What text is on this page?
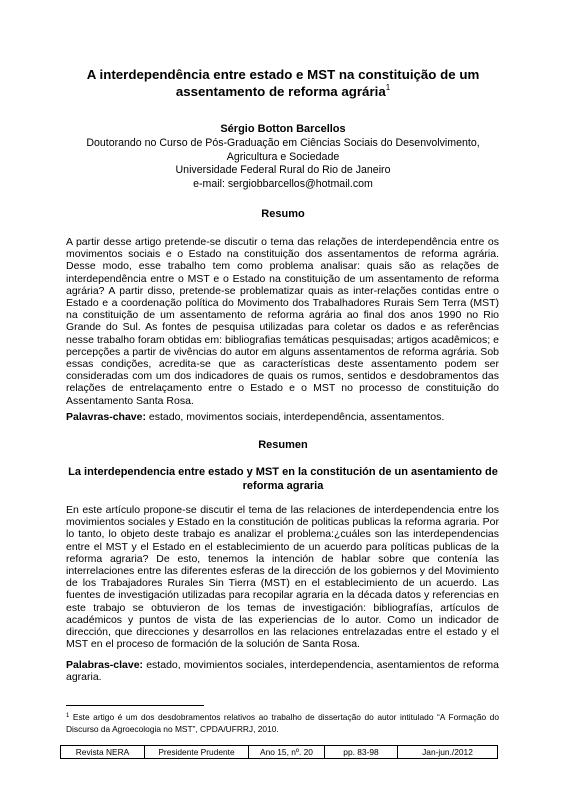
A interdependência entre estado e MST na constituição de um
assentamento de reforma agrária$^1$
Sérgio Botton Barcellos
Doutorando no Curso de Pós-Graduação em Ciências Sociais do Desenvolvimento,
Agricultura e Sociedade
Universidade Federal Rural do Rio de Janeiro
e-mail: sergiobbarcellos@hotmail.com
Resumo
A partir desse artigo pretende-se discutir o tema das relações de interdependência entre os movimentos sociais e o Estado na constituição dos assentamentos de reforma agrária. Desse modo, esse trabalho tem como problema analisar: quais são as relações de interdependência entre o MST e o Estado na constituição de um assentamento de reforma agrária? A partir disso, pretende-se problematizar quais as inter-relações contidas entre o Estado e a coordenação política do Movimento dos Trabalhadores Rurais Sem Terra (MST) na constituição de um assentamento de reforma agrária ao final dos anos 1990 no Rio Grande do Sul. As fontes de pesquisa utilizadas para coletar os dados e as referências nesse trabalho foram obtidas em: bibliografias temáticas pesquisadas; artigos acadêmicos; e percepções a partir de vivências do autor em alguns assentamentos de reforma agrária. Sob essas condições, acredita-se que as características deste assentamento podem ser consideradas com um dos indicadores de quais os rumos, sentidos e desdobramentos das relações de entrelaçamento entre o Estado e o MST no processo de constituição do Assentamento Santa Rosa.
Palavras-chave: estado, movimentos sociais, interdependência, assentamentos.
Resumen
La interdependencia entre estado y MST en la constitución de un asentamiento de reforma agraria
En este artículo propone-se discutir el tema de las relaciones de interdependencia entre los movimientos sociales y Estado en la constitución de politicas publicas la reforma agraria. Por lo tanto, lo objeto deste trabajo es analizar el problema:¿cuáles son las interdependencias entre el MST y el Estado en el establecimiento de un acuerdo para políticas publicas de la reforma agraria? De esto, tenemos la intención de hablar sobre que contenía las interrelaciones entre las diferentes esferas de la dirección de los gobiernos y del Movimiento de los Trabajadores Rurales Sin Tierra (MST) en el establecimiento de un acuerdo. Las fuentes de investigación utilizadas para recopilar agraria en la década datos y referencias en este trabajo se obtuvieron de los temas de investigación: bibliografías, artículos de académicos y puntos de vista de las experiencias de lo autor. Como un indicador de dirección, que direcciones y desarrollos en las relaciones entrelazadas entre el estado y el MST en el proceso de formación de la solución de Santa Rosa.
Palabras-clave: estado, movimientos sociales, interdependencia, asentamientos de reforma agraria.
$^1$ Este artigo é um dos desdobramentos relativos ao trabalho de dissertação do autor intitulado “A Formação do Discurso da Agroecologia no MST”, CPDA/UFRRJ, 2010.
Revista NERA	Presidente Prudente	Ano 15, nº. 20	pp. 83-98	Jan-jun./2012
